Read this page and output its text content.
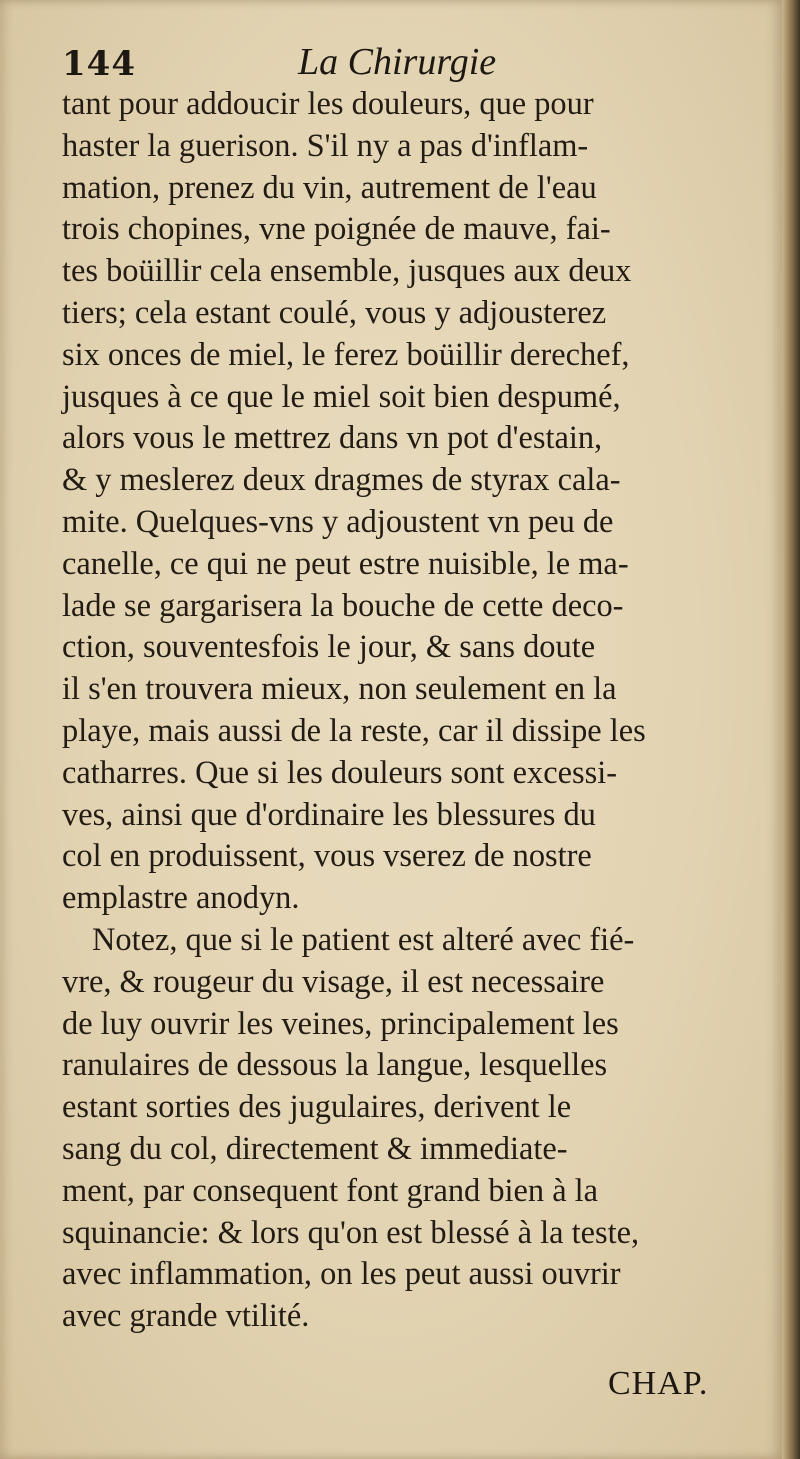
144	La Chirurgie
tant pour addoucir les douleurs, que pour
haster la guerison. S'il ny a pas d'inflam-
mation, prenez du vin, autrement de l'eau
trois chopines, vne poignée de mauve, fai-
tes boüillir cela ensemble, jusques aux deux
tiers; cela estant coulé, vous y adjousterez
six onces de miel, le ferez boüillir derechef,
jusques à ce que le miel soit bien despumé,
alors vous le mettrez dans vn pot d'estain,
& y meslerez deux dragmes de styrax cala-
mite. Quelques-vns y adjoustent vn peu de
canelle, ce qui ne peut estre nuisible, le ma-
lade se gargarisera la bouche de cette deco-
ction, souventesfois le jour, & sans doute
il s'en trouvera mieux, non seulement en la
playe, mais aussi de la reste, car il dissipe les
catharres. Que si les douleurs sont excessi-
ves, ainsi que d'ordinaire les blessures du
col en produissent, vous vserez de nostre
emplastre anodyn.
Notez, que si le patient est alteré avec fié-
vre, & rougeur du visage, il est necessaire
de luy ouvrir les veines, principalement les
ranulaires de dessous la langue, lesquelles
estant sorties des jugulaires, derivent le
sang du col, directement & immediate-
ment, par consequent font grand bien à la
squinancie: & lors qu'on est blessé à la teste,
avec inflammation, on les peut aussi ouvrir
avec grande vtilité.
CHAP.
